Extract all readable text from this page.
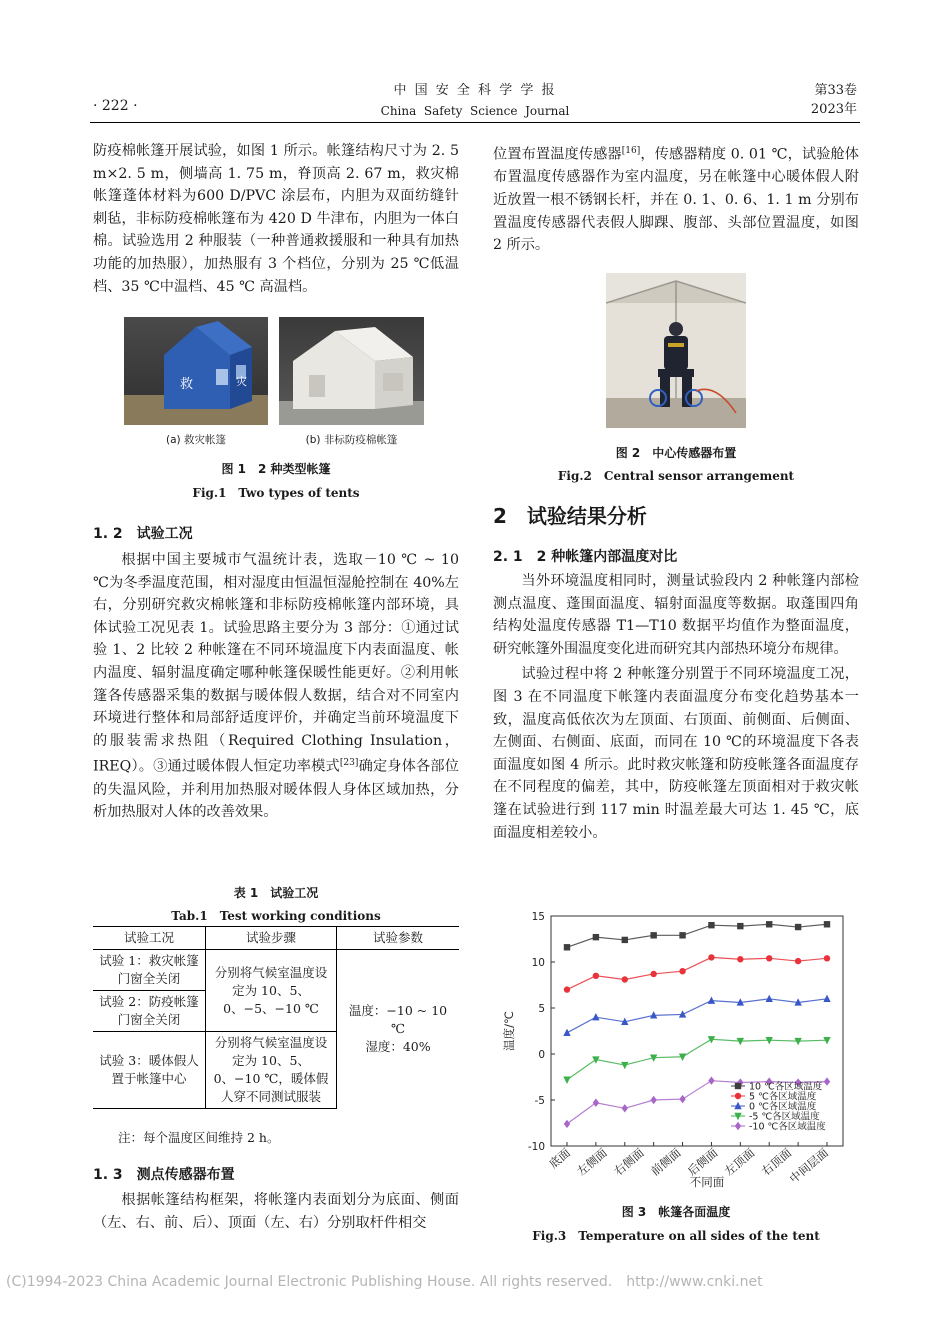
· 222 ·
中 国 安 全 科 学 学 报
China  Safety  Science  Journal
第33卷
2023年

防疫棉帐篷开展试验，如图 1 所示。帐篷结构尺寸为 2. 5 m×2. 5 m，侧墙高 1. 75 m，脊顶高 2. 67 m，救灾棉帐篷蓬体材料为600 D/PVC 涂层布，内胆为双面纺缝针刺毡，非标防疫棉帐篷布为 420 D 牛津布，内胆为一体白棉。试验选用 2 种服装（一种普通救援服和一种具有加热功能的加热服），加热服有 3 个档位，分别为 25 ℃低温档、35 ℃中温档、45 ℃ 高温档。

救	灾
(a) 救灾帐篷	(b) 非标防疫棉帐篷
图 1　2 种类型帐篷
Fig.1　Two types of tents
1. 2　试验工况

根据中国主要城市气温统计表，选取－10 ℃ ~ 10 ℃为冬季温度范围，相对湿度由恒温恒湿舱控制在 40%左右，分别研究救灾棉帐篷和非标防疫棉帐篷内部环境，具体试验工况见表 1。试验思路主要分为 3 部分：①通过试验 1、2 比较 2 种帐篷在不同环境温度下内表面温度、帐内温度、辐射温度确定哪种帐篷保暖性能更好。②利用帐篷各传感器采集的数据与暖体假人数据，结合对不同室内环境进行整体和局部舒适度评价，并确定当前环境温度下的服装需求热阻（Required Clothing Insulation，IREQ）。③通过暖体假人恒定功率模式[23]确定身体各部位的失温风险，并利用加热服对暖体假人身体区域加热，分析加热服对人体的改善效果。

表 1　试验工况
Tab.1　Test working conditions
试验工况	试验步骤	试验参数
试验 1：救灾帐篷门窗全关闭	分别将气候室温度设定为 10、5、0、−5、−10 ℃	温度：−10 ~ 10 ℃
湿度：40%

试验 2：防疫帐篷门窗全关闭		
试验 3：暖体假人置于帐篷中心	分别将气候室温度设定为 10、5、0、−10 ℃，暖体假人穿不同测试服装	
注：每个温度区间维持 2 h。
1. 3　测点传感器布置

根据帐篷结构框架，将帐篷内表面划分为底面、侧面（左、右、前、后）、顶面（左、右）分别取杆件相交

位置布置温度传感器[16]，传感器精度 0. 01 ℃，试验舱体布置温度传感器作为室内温度，另在帐篷中心暖体假人附近放置一根不锈钢长杆，并在 0. 1、0. 6、1. 1 m 分别布置温度传感器代表假人脚踝、腹部、头部位置温度，如图 2 所示。

图 2　中心传感器布置
Fig.2　Central sensor arrangement
2　试验结果分析
2. 1　2 种帐篷内部温度对比

当外环境温度相同时，测量试验段内 2 种帐篷内部检测点温度、蓬围面温度、辐射面温度等数据。取蓬围四角结构处温度传感器 T1—T10 数据平均值作为整面温度，研究帐篷外围温度变化进而研究其内部热环境分布规律。

试验过程中将 2 种帐篷分别置于不同环境温度工况，图 3 在不同温度下帐篷内表面温度分布变化趋势基本一致，温度高低依次为左顶面、右顶面、前侧面、后侧面、左侧面、右侧面、底面，而同在 10 ℃的环境温度下各表面温度如图 4 所示。此时救灾帐篷和防疫帐篷各面温度存在不同程度的偏差，其中，防疫帐篷左顶面相对于救灾帐篷在试验进行到 117 min 时温差最大可达 1. 45 ℃，底面温度相差较小。

15
10
5
0
-5
-10 底面 左侧面 右侧面 前侧面 后侧面 左顶面 右顶面
中间层面
温度/℃
不同面
10 ℃各区域温度
5 ℃各区域温度
0 ℃各区域温度
-5 ℃各区域温度
-10 ℃各区域温度
图 3　帐篷各面温度
Fig.3　Temperature on all sides of the tent
(C)1994-2023 China Academic Journal Electronic Publishing House. All rights reserved.　http://www.cnki.net
